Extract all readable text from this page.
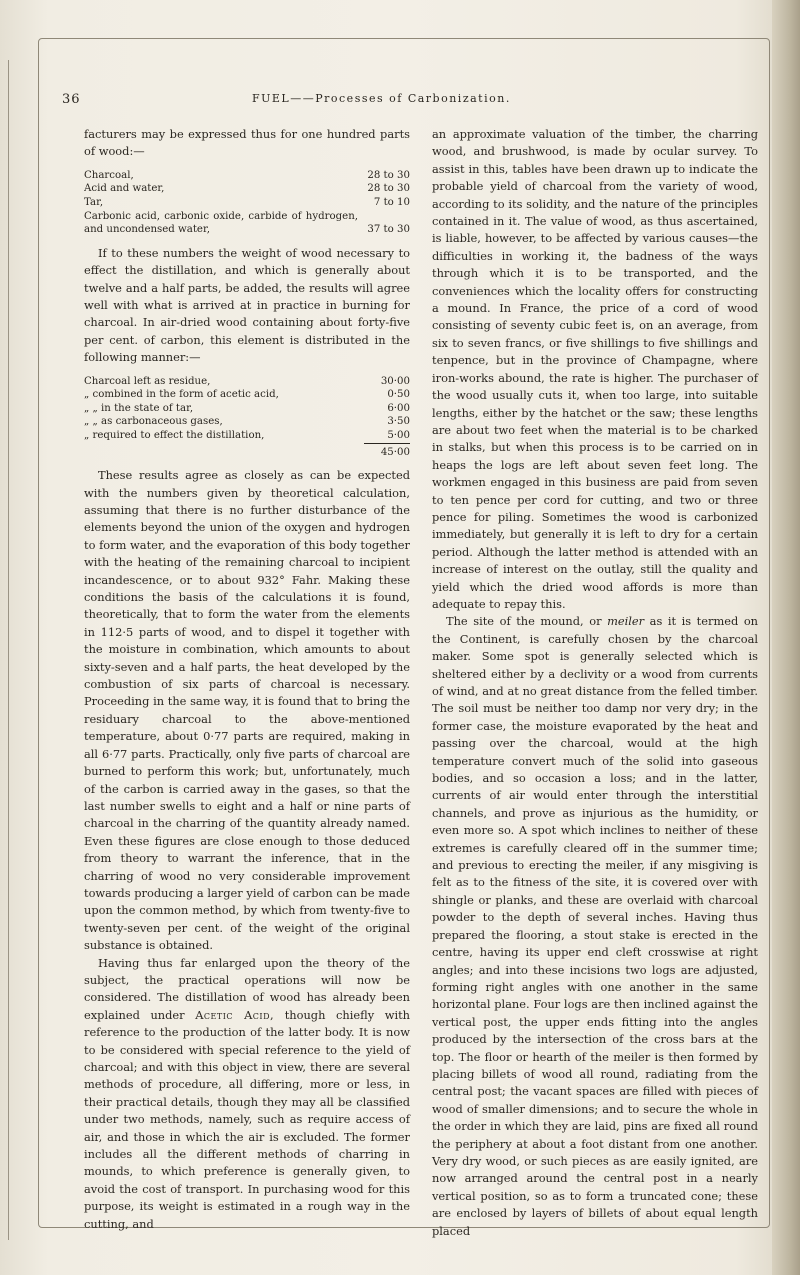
36	FUEL——Processes of Carbonization.

facturers may be expressed thus for one hundred parts of wood:—

Charcoal,	28 to 30
Acid and water,	28 to 30
Tar,	7 to 10
Carbonic acid, carbonic oxide, carbide of hydrogen, and uncondensed water,	37 to 30

If to these numbers the weight of wood necessary to effect the distillation, and which is generally about twelve and a half parts, be added, the results will agree well with what is arrived at in practice in burning for charcoal. In air-dried wood containing about forty-five per cent. of carbon, this element is distributed in the following manner:—

Charcoal left as residue,	30·00
„ combined in the form of acetic acid,	0·50
„ „ in the state of tar,	6·00
„ „ as carbonaceous gases,	3·50
„ required to effect the distillation,	5·00
45·00

These results agree as closely as can be expected with the numbers given by theoretical calculation, assuming that there is no further disturbance of the elements beyond the union of the oxygen and hydrogen to form water, and the evaporation of this body together with the heating of the remaining charcoal to incipient incandescence, or to about 932° Fahr. Making these conditions the basis of the calculations it is found, theoretically, that to form the water from the elements in 112·5 parts of wood, and to dispel it together with the moisture in combination, which amounts to about sixty-seven and a half parts, the heat developed by the combustion of six parts of charcoal is necessary. Proceeding in the same way, it is found that to bring the residuary charcoal to the above-mentioned temperature, about 0·77 parts are required, making in all 6·77 parts. Practically, only five parts of charcoal are burned to perform this work; but, unfortunately, much of the carbon is carried away in the gases, so that the last number swells to eight and a half or nine parts of charcoal in the charring of the quantity already named. Even these figures are close enough to those deduced from theory to warrant the inference, that in the charring of wood no very considerable improvement towards producing a larger yield of carbon can be made upon the common method, by which from twenty-five to twenty-seven per cent. of the weight of the original substance is obtained.

Having thus far enlarged upon the theory of the subject, the practical operations will now be considered. The distillation of wood has already been explained under Acetic Acid, though chiefly with reference to the production of the latter body. It is now to be considered with special reference to the yield of charcoal; and with this object in view, there are several methods of procedure, all differing, more or less, in their practical details, though they may all be classified under two methods, namely, such as require access of air, and those in which the air is excluded. The former includes all the different methods of charring in mounds, to which preference is generally given, to avoid the cost of transport. In purchasing wood for this purpose, its weight is estimated in a rough way in the cutting, and

an approximate valuation of the timber, the charring wood, and brushwood, is made by ocular survey. To assist in this, tables have been drawn up to indicate the probable yield of charcoal from the variety of wood, according to its solidity, and the nature of the principles contained in it. The value of wood, as thus ascertained, is liable, however, to be affected by various causes—the difficulties in working it, the badness of the ways through which it is to be transported, and the conveniences which the locality offers for constructing a mound. In France, the price of a cord of wood consisting of seventy cubic feet is, on an average, from six to seven francs, or five shillings to five shillings and tenpence, but in the province of Champagne, where iron-works abound, the rate is higher. The purchaser of the wood usually cuts it, when too large, into suitable lengths, either by the hatchet or the saw; these lengths are about two feet when the material is to be charked in stalks, but when this process is to be carried on in heaps the logs are left about seven feet long. The workmen engaged in this business are paid from seven to ten pence per cord for cutting, and two or three pence for piling. Sometimes the wood is carbonized immediately, but generally it is left to dry for a certain period. Although the latter method is attended with an increase of interest on the outlay, still the quality and yield which the dried wood affords is more than adequate to repay this.

The site of the mound, or meiler as it is termed on the Continent, is carefully chosen by the charcoal maker. Some spot is generally selected which is sheltered either by a declivity or a wood from currents of wind, and at no great distance from the felled timber. The soil must be neither too damp nor very dry; in the former case, the moisture evaporated by the heat and passing over the charcoal, would at the high temperature convert much of the solid into gaseous bodies, and so occasion a loss; and in the latter, currents of air would enter through the interstitial channels, and prove as injurious as the humidity, or even more so. A spot which inclines to neither of these extremes is carefully cleared off in the summer time; and previous to erecting the meiler, if any misgiving is felt as to the fitness of the site, it is covered over with shingle or planks, and these are overlaid with charcoal powder to the depth of several inches. Having thus prepared the flooring, a stout stake is erected in the centre, having its upper end cleft crosswise at right angles; and into these incisions two logs are adjusted, forming right angles with one another in the same horizontal plane. Four logs are then inclined against the vertical post, the upper ends fitting into the angles produced by the intersection of the cross bars at the top. The floor or hearth of the meiler is then formed by placing billets of wood all round, radiating from the central post; the vacant spaces are filled with pieces of wood of smaller dimensions; and to secure the whole in the order in which they are laid, pins are fixed all round the periphery at about a foot distant from one another. Very dry wood, or such pieces as are easily ignited, are now arranged around the central post in a nearly vertical position, so as to form a truncated cone; these are enclosed by layers of billets of about equal length placed
